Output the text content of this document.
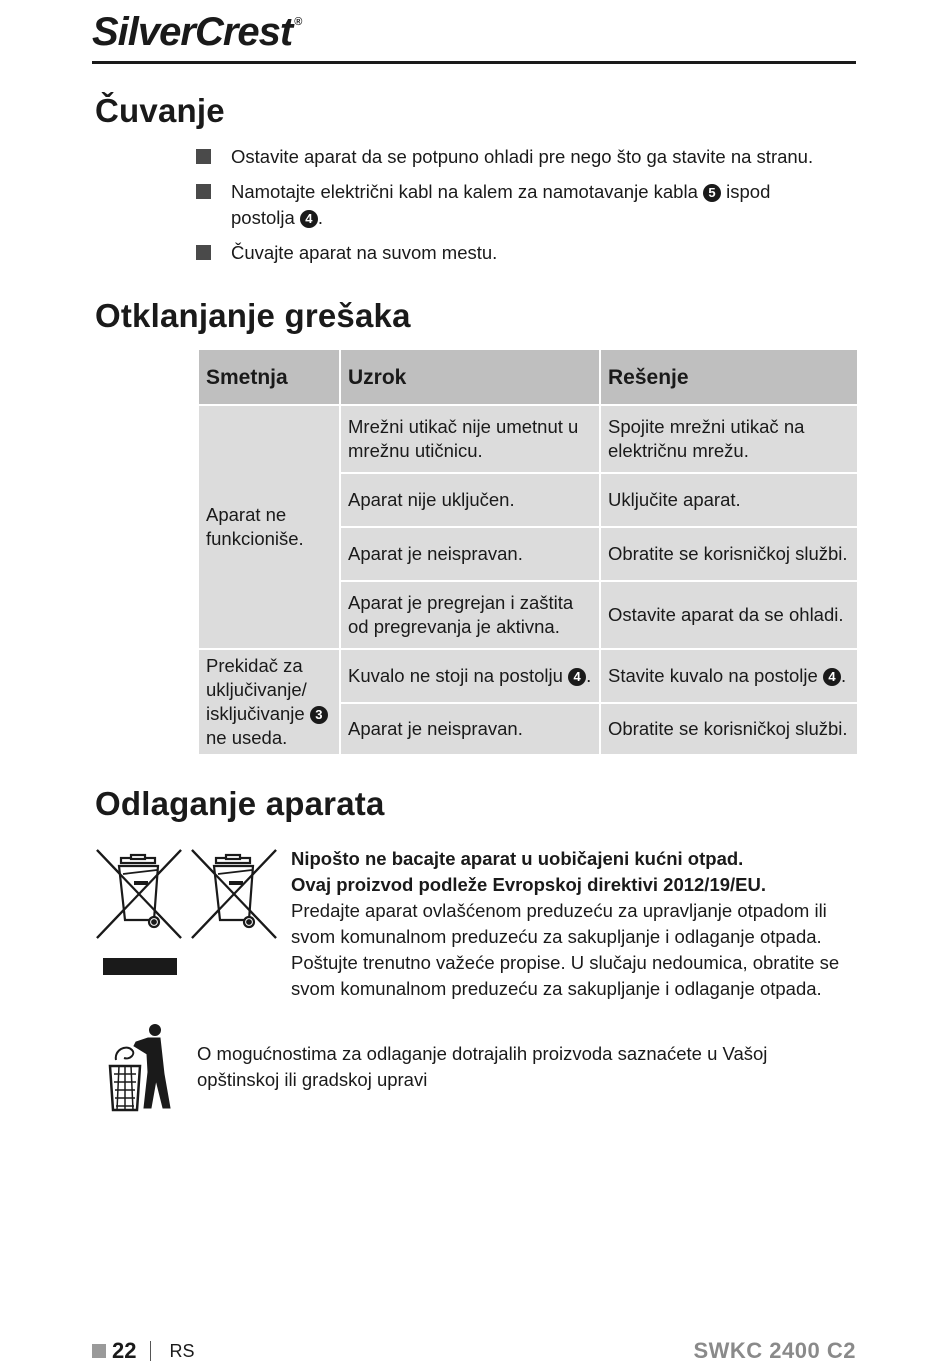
SilverCrest ®
Čuvanje
Ostavite aparat da se potpuno ohladi pre nego što ga stavite na stranu.
Namotajte električni kabl na kalem za namotavanje kabla 5 ispod postolja 4 .
Čuvajte aparat na suvom mestu.
Otklanjanje grešaka
Smetnja	Uzrok	Rešenje
Aparat ne funkcioniše.	Mrežni utikač nije umetnut u mrežnu utičnicu.	Spojite mrežni utikač na električnu mrežu.
	Aparat nije uključen.	Uključite aparat.
	Aparat je neispravan.	Obratite se korisničkoj službi.
	Aparat je pregrejan i zaštita od pregrevanja je aktivna.	Ostavite aparat da se ohladi.
Prekidač za uključivanje/ isključivanje 3 ne useda.	Kuvalo ne stoji na postolju 4 .	Stavite kuvalo na postolje 4 .
	Aparat je neispravan.	Obratite se korisničkoj službi.
Odlaganje aparata
Nipošto ne bacajte aparat u uobičajeni kućni otpad.
Ovaj proizvod podleže Evropskoj direktivi 2012/19/EU.
Predajte aparat ovlašćenom preduzeću za upravljanje otpadom ili svom komunalnom preduzeću za sakupljanje i odlaganje otpada. Poštujte trenutno važeće propise. U slučaju nedoumica, obratite se svom komunalnom preduzeću za sakupljanje i odlaganje otpada.
O mogućnostima za odlaganje dotrajalih proizvoda saznaćete u Vašoj opštinskoj ili gradskoj upravi
22 RS	SWKC 2400 C2
